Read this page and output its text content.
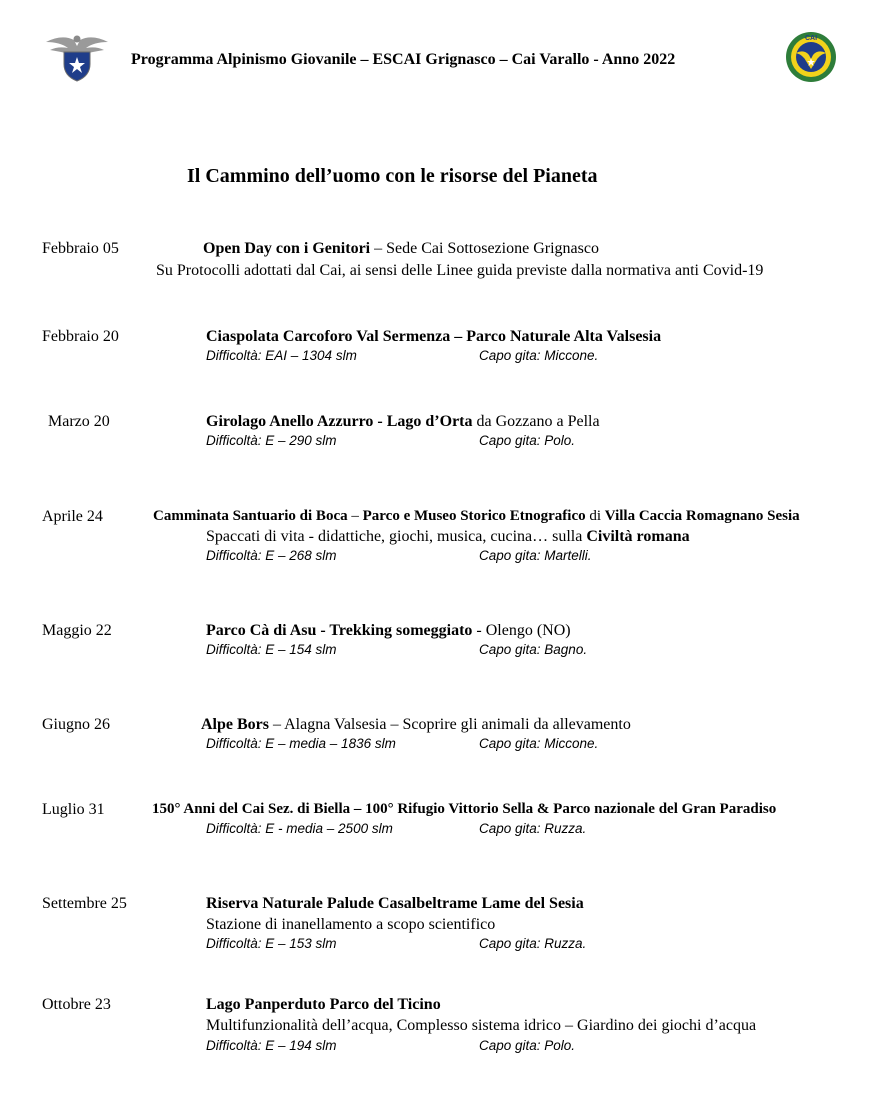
Programma Alpinismo Giovanile – ESCAI Grignasco – Cai Varallo - Anno 2022
CAI
Il Cammino dell’uomo con le risorse del Pianeta
Febbraio 05	Open Day con i Genitori – Sede Cai Sottosezione Grignasco
Su Protocolli adottati dal Cai, ai sensi delle Linee guida previste dalla normativa anti Covid-19
Febbraio 20	Ciaspolata Carcoforo Val Sermenza – Parco Naturale Alta Valsesia
Difficoltà: EAI – 1304 slm	Capo gita: Miccone.
Marzo 20	Girolago Anello Azzurro - Lago d’Orta da Gozzano a Pella
Difficoltà: E – 290 slm	Capo gita: Polo.
Aprile 24	Camminata Santuario di Boca – Parco e Museo Storico Etnografico di Villa Caccia Romagnano Sesia
Spaccati di vita - didattiche, giochi, musica, cucina… sulla Civiltà romana
Difficoltà: E – 268 slm	Capo gita: Martelli.
Maggio 22	Parco Cà di Asu - Trekking someggiato - Olengo (NO)
Difficoltà: E – 154 slm	Capo gita: Bagno.
Giugno 26	Alpe Bors – Alagna Valsesia – Scoprire gli animali da allevamento
Difficoltà: E – media – 1836 slm	Capo gita: Miccone.
Luglio 31	150° Anni del Cai Sez. di Biella – 100° Rifugio Vittorio Sella & Parco nazionale del Gran Paradiso
Difficoltà: E - media – 2500 slm	Capo gita: Ruzza.
Settembre 25	Riserva Naturale Palude Casalbeltrame Lame del Sesia
Stazione di inanellamento a scopo scientifico
Difficoltà: E – 153 slm	Capo gita: Ruzza.
Ottobre 23	Lago Panperduto Parco del Ticino
Multifunzionalità dell’acqua, Complesso sistema idrico – Giardino dei giochi d’acqua
Difficoltà: E – 194 slm	Capo gita: Polo.
